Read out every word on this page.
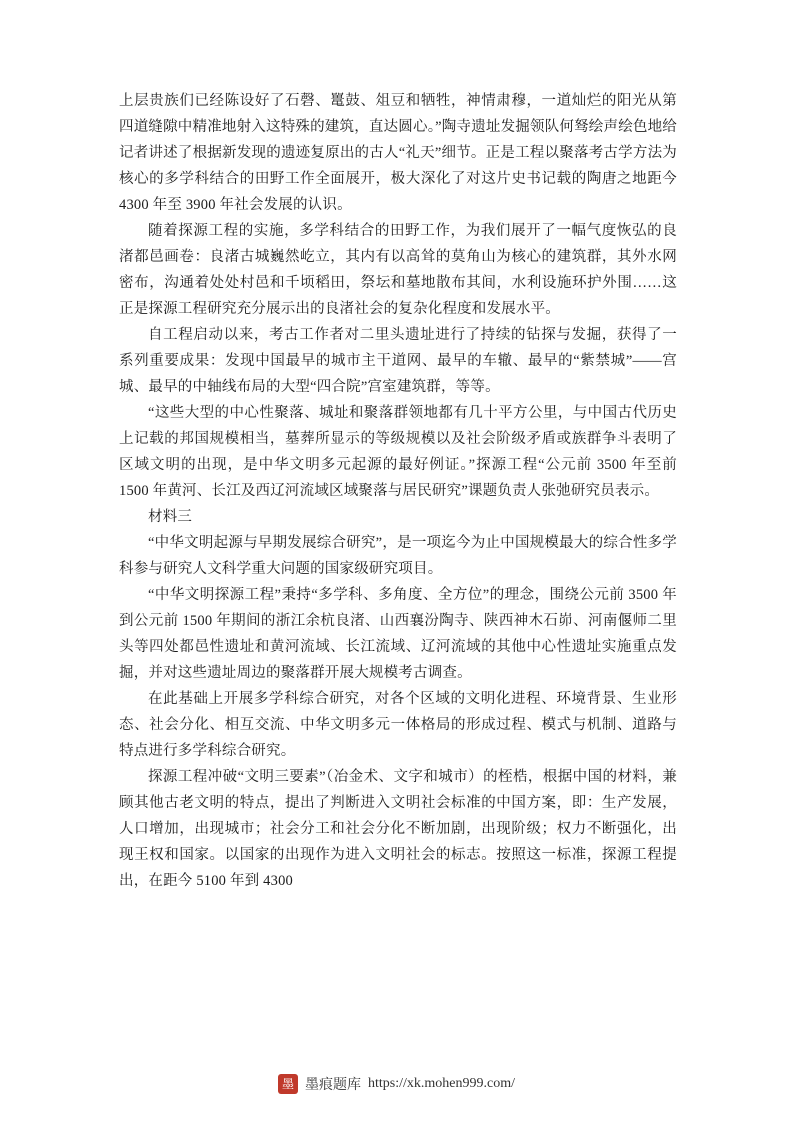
上层贵族们已经陈设好了石磬、鼍鼓、俎豆和牺牲，神情肃穆，一道灿烂的阳光从第四道缝隙中精准地射入这特殊的建筑，直达圆心。”陶寺遗址发掘领队何驽绘声绘色地给记者讲述了根据新发现的遗迹复原出的古人“礼天”细节。正是工程以聚落考古学方法为核心的多学科结合的田野工作全面展开，极大深化了对这片史书记载的陶唐之地距今 4300 年至 3900 年社会发展的认识。

随着探源工程的实施，多学科结合的田野工作，为我们展开了一幅气度恢弘的良渚都邑画卷：良渚古城巍然屹立，其内有以高耸的莫角山为核心的建筑群，其外水网密布，沟通着处处村邑和千顷稻田，祭坛和墓地散布其间，水利设施环护外围……这正是探源工程研究充分展示出的良渚社会的复杂化程度和发展水平。

自工程启动以来，考古工作者对二里头遗址进行了持续的钻探与发掘，获得了一系列重要成果：发现中国最早的城市主干道网、最早的车辙、最早的“紫禁城”——宫城、最早的中轴线布局的大型“四合院”宫室建筑群，等等。

“这些大型的中心性聚落、城址和聚落群领地都有几十平方公里，与中国古代历史上记载的邦国规模相当，墓葬所显示的等级规模以及社会阶级矛盾或族群争斗表明了区域文明的出现，是中华文明多元起源的最好例证。”探源工程“公元前 3500 年至前 1500 年黄河、长江及西辽河流域区域聚落与居民研究”课题负责人张弛研究员表示。

材料三

“中华文明起源与早期发展综合研究”，是一项迄今为止中国规模最大的综合性多学科参与研究人文科学重大问题的国家级研究项目。

“中华文明探源工程”秉持“多学科、多角度、全方位”的理念，围绕公元前 3500 年到公元前 1500 年期间的浙江余杭良渚、山西襄汾陶寺、陕西神木石峁、河南偃师二里头等四处都邑性遗址和黄河流域、长江流域、辽河流域的其他中心性遗址实施重点发掘，并对这些遗址周边的聚落群开展大规模考古调查。

在此基础上开展多学科综合研究，对各个区域的文明化进程、环境背景、生业形态、社会分化、相互交流、中华文明多元一体格局的形成过程、模式与机制、道路与特点进行多学科综合研究。

探源工程冲破“文明三要素”（冶金术、文字和城市）的桎梏，根据中国的材料，兼顾其他古老文明的特点，提出了判断进入文明社会标准的中国方案，即：生产发展，人口增加，出现城市；社会分工和社会分化不断加剧，出现阶级；权力不断强化，出现王权和国家。以国家的出现作为进入文明社会的标志。按照这一标准，探源工程提出，在距今 5100 年到 4300

墨 墨痕题库 https://xk.mohen999.com/
